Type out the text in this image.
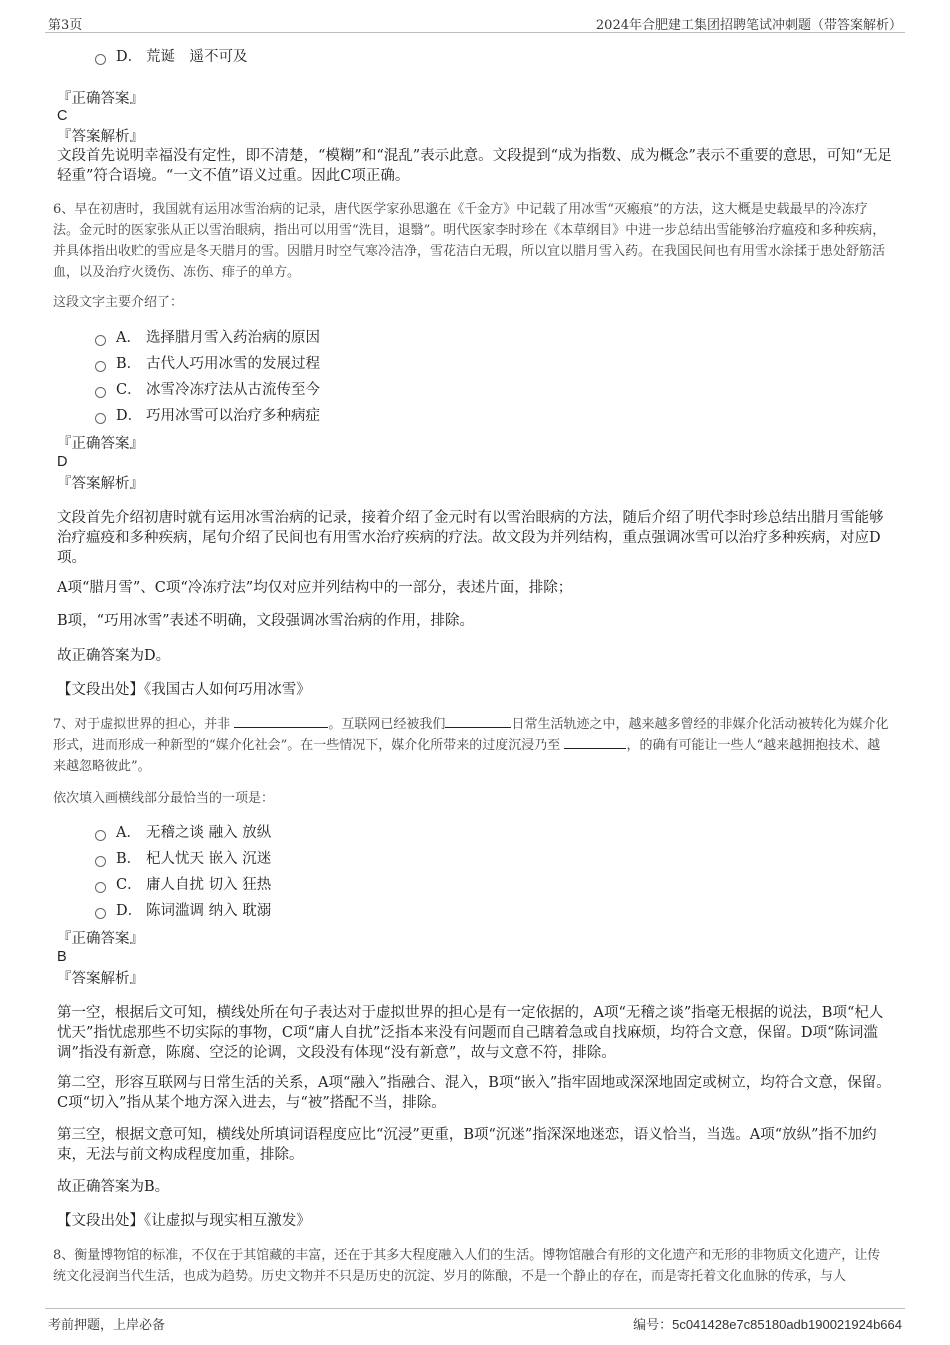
第3页	2024年合肥建工集团招聘笔试冲刺题（带答案解析）
D． 荒诞　遥不可及
『正确答案』
C
『答案解析』
文段首先说明幸福没有定性，即不清楚，“模糊”和“混乱”表示此意。文段提到“成为指数、成为概念”表示不重要的意思，可知“无足轻重”符合语境。“一文不值”语义过重。因此C项正确。
6、早在初唐时，我国就有运用冰雪治病的记录，唐代医学家孙思邈在《千金方》中记载了用冰雪“灭瘢痕”的方法，这大概是史载最早的冷冻疗法。金元时的医家张从正以雪治眼病，指出可以用雪“洗目，退翳”。明代医家李时珍在《本草纲目》中进一步总结出雪能够治疗瘟疫和多种疾病，并具体指出收贮的雪应是冬天腊月的雪。因腊月时空气寒冷洁净，雪花洁白无瑕，所以宜以腊月雪入药。在我国民间也有用雪水涂揉于患处舒筋活血，以及治疗火烫伤、冻伤、痱子的单方。
这段文字主要介绍了：
A． 选择腊月雪入药治病的原因
B． 古代人巧用冰雪的发展过程
C． 冰雪冷冻疗法从古流传至今
D． 巧用冰雪可以治疗多种病症
『正确答案』
D
『答案解析』
文段首先介绍初唐时就有运用冰雪治病的记录，接着介绍了金元时有以雪治眼病的方法，随后介绍了明代李时珍总结出腊月雪能够治疗瘟疫和多种疾病，尾句介绍了民间也有用雪水治疗疾病的疗法。故文段为并列结构，重点强调冰雪可以治疗多种疾病，对应D项。
A项“腊月雪”、C项“冷冻疗法”均仅对应并列结构中的一部分，表述片面，排除；
B项，“巧用冰雪”表述不明确，文段强调冰雪治病的作用，排除。
故正确答案为D。
【文段出处】《我国古人如何巧用冰雪》
7、对于虚拟世界的担心，并非	。互联网已经被我们	日常生活轨迹之中，越来越多曾经的非媒介化活动被转化为媒介化形式，进而形成一种新型的“媒介化社会”。在一些情况下，媒介化所带来的过度沉浸乃至	，的确有可能让一些人“越来越拥抱技术、越来越忽略彼此”。
依次填入画横线部分最恰当的一项是：
A． 无稽之谈 融入 放纵
B． 杞人忧天 嵌入 沉迷
C． 庸人自扰 切入 狂热
D． 陈词滥调 纳入 耽溺
『正确答案』
B
『答案解析』
第一空，根据后文可知，横线处所在句子表达对于虚拟世界的担心是有一定依据的，A项“无稽之谈”指毫无根据的说法，B项“杞人忧天”指忧虑那些不切实际的事物，C项“庸人自扰”泛指本来没有问题而自己瞎着急或自找麻烦，均符合文意，保留。D项“陈词滥调”指没有新意，陈腐、空泛的论调，文段没有体现“没有新意”，故与文意不符，排除。
第二空，形容互联网与日常生活的关系，A项“融入”指融合、混入，B项“嵌入”指牢固地或深深地固定或树立，均符合文意，保留。C项“切入”指从某个地方深入进去，与“被”搭配不当，排除。
第三空，根据文意可知，横线处所填词语程度应比“沉浸”更重，B项“沉迷”指深深地迷恋，语义恰当，当选。A项“放纵”指不加约束，无法与前文构成程度加重，排除。
故正确答案为B。
【文段出处】《让虚拟与现实相互激发》
8、衡量博物馆的标准，不仅在于其馆藏的丰富，还在于其多大程度融入人们的生活。博物馆融合有形的文化遗产和无形的非物质文化遗产，让传统文化浸润当代生活，也成为趋势。历史文物并不只是历史的沉淀、岁月的陈酿，不是一个静止的存在，而是寄托着文化血脉的传承，与人
考前押题，上岸必备	编号：5c041428e7c85180adb190021924b664
